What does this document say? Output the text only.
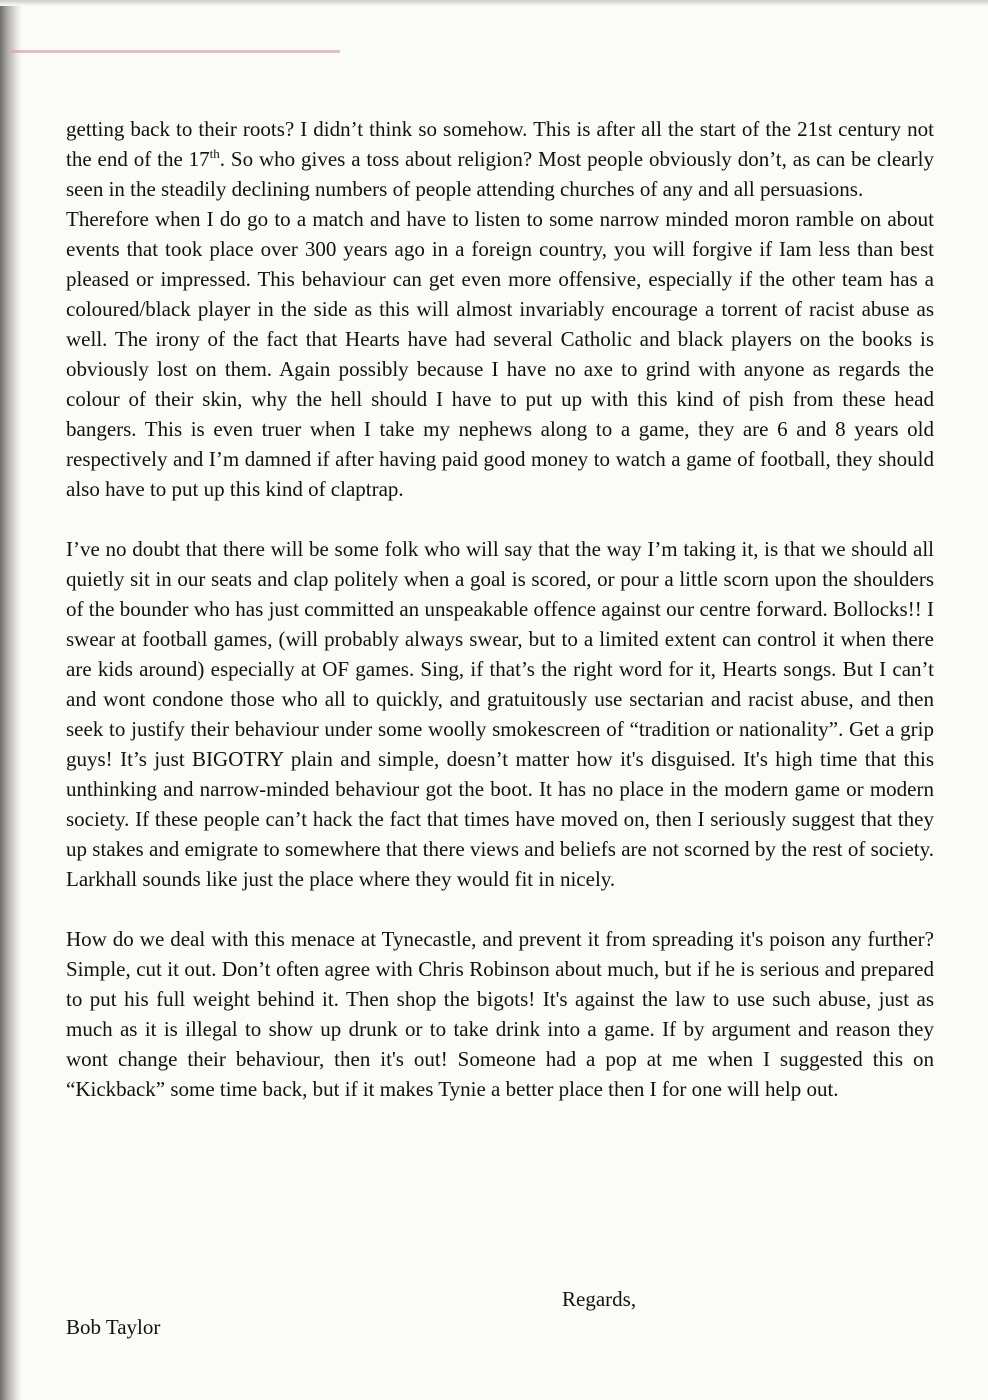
getting back to their roots? I didn’t think so somehow. This is after all the start of the 21st century not the end of the 17th. So who gives a toss about religion? Most people obviously don’t, as can be clearly seen in the steadily declining numbers of people attending churches of any and all persuasions.

Therefore when I do go to a match and have to listen to some narrow minded moron ramble on about events that took place over 300 years ago in a foreign country, you will forgive if Iam less than best pleased or impressed. This behaviour can get even more offensive, especially if the other team has a coloured/black player in the side as this will almost invariably encourage a torrent of racist abuse as well. The irony of the fact that Hearts have had several Catholic and black players on the books is obviously lost on them. Again possibly because I have no axe to grind with anyone as regards the colour of their skin, why the hell should I have to put up with this kind of pish from these head bangers. This is even truer when I take my nephews along to a game, they are 6 and 8 years old respectively and I’m damned if after having paid good money to watch a game of football, they should also have to put up this kind of claptrap.

I’ve no doubt that there will be some folk who will say that the way I’m taking it, is that we should all quietly sit in our seats and clap politely when a goal is scored, or pour a little scorn upon the shoulders of the bounder who has just committed an unspeakable offence against our centre forward. Bollocks!! I swear at football games, (will probably always swear, but to a limited extent can control it when there are kids around) especially at OF games. Sing, if that’s the right word for it, Hearts songs. But I can’t and wont condone those who all to quickly, and gratuitously use sectarian and racist abuse, and then seek to justify their behaviour under some woolly smokescreen of “tradition or nationality”. Get a grip guys! It’s just BIGOTRY plain and simple, doesn’t matter how it's disguised. It's high time that this unthinking and narrow-minded behaviour got the boot. It has no place in the modern game or modern society. If these people can’t hack the fact that times have moved on, then I seriously suggest that they up stakes and emigrate to somewhere that there views and beliefs are not scorned by the rest of society. Larkhall sounds like just the place where they would fit in nicely.

How do we deal with this menace at Tynecastle, and prevent it from spreading it's poison any further? Simple, cut it out. Don’t often agree with Chris Robinson about much, but if he is serious and prepared to put his full weight behind it. Then shop the bigots! It's against the law to use such abuse, just as much as it is illegal to show up drunk or to take drink into a game. If by argument and reason they wont change their behaviour, then it's out! Someone had a pop at me when I suggested this on “Kickback” some time back, but if it makes Tynie a better place then I for one will help out.

Regards,
Bob Taylor
